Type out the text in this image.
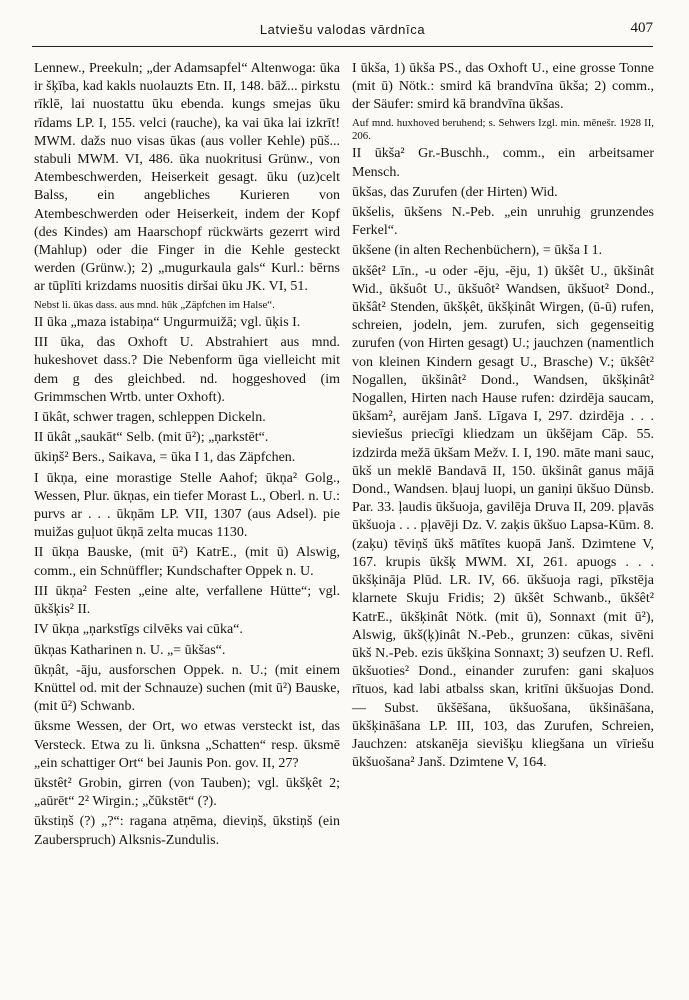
Latviešu valodas vārdnīca	407

Lennew., Preekuln; „der Adamsapfel“ Altenwoga: ūka ir šķība, kad kakls nuolauzts Etn. II, 148. bāž... pirkstu rīklē, lai nuostattu ūku ebenda. kungs smejas ūku rīdams LP. I, 155. velci (rauche), ka vai ūka lai izkrīt! MWM. dažs nuo visas ūkas (aus voller Kehle) pūš... stabuli MWM. VI, 486. ūka nuokritusi Grünw., von Atembeschwerden, Heiserkeit gesagt. ūku (uz)celt Balss, ein angebliches Kurieren von Atembeschwerden oder Heiserkeit, indem der Kopf (des Kindes) am Haarschopf rückwärts gezerrt wird (Mahlup) oder die Finger in die Kehle gesteckt werden (Grünw.); 2) „mugurkaula gals“ Kurl.: bērns ar tūplīti krizdams nuositis diršai ūku JK. VI, 51.

Nebst li. ūkas dass. aus mnd. hūk „Zäpfchen im Halse“.

II ūka „maza istabiņa“ Ungurmuižā; vgl. ūķis I.

III ūka, das Oxhoft U. Abstrahiert aus mnd. hukeshovet dass.? Die Nebenform ūga vielleicht mit dem g des gleichbed. nd. hoggeshoved (im Grimmschen Wrtb. unter Oxhoft).

I ūkât, schwer tragen, schleppen Dickeln.

II ūkât „saukāt“ Selb. (mit ū²); „ņarkstēt“.

ūkiņš² Bers., Saikava, = ūka I 1, das Zäpfchen.

I ūkņa, eine morastige Stelle Aahof; ūkņa² Golg., Wessen, Plur. ūkņas, ein tiefer Morast L., Oberl. n. U.: purvs ar . . . ūkņām LP. VII, 1307 (aus Adsel). pie muižas guļuot ūkņā zelta mucas 1130.

II ūkņa Bauske, (mit ū²) KatrE., (mit ū) Alswig, comm., ein Schnüffler; Kundschafter Oppek n. U.

III ūkņa² Festen „eine alte, verfallene Hütte“; vgl. ūkšķis² II.

IV ūkņa „ņarkstīgs cilvēks vai cūka“.

ūkņas Katharinen n. U. „= ūkšas“.

ūkņât, -āju, ausforschen Oppek. n. U.; (mit einem Knüttel od. mit der Schnauze) suchen (mit ū²) Bauske, (mit ū²) Schwanb.

ūksme Wessen, der Ort, wo etwas versteckt ist, das Versteck. Etwa zu li. ūnksna „Schatten“ resp. ūksmē „ein schattiger Ort“ bei Jaunis Pon. gov. II, 27?

ūkstêt² Grobin, girren (von Tauben); vgl. ūkšķêt 2; „aūrēt“ 2² Wirgin.; „čūkstēt“ (?).

ūkstiņš (?) „?“: ragana atņēma, dieviņš, ūkstiņš (ein Zauberspruch) Alksnis-Zundulis.

I ūkša, 1) ūkša PS., das Oxhoft U., eine grosse Tonne (mit ū) Nötk.: smird kā brandvīna ūkša; 2) comm., der Säufer: smird kā brandvīna ūkšas.

Auf mnd. huxhoved beruhend; s. Sehwers Izgl. min. mēnešr. 1928 II, 206.

II ūkša² Gr.-Buschh., comm., ein arbeitsamer Mensch.

ūkšas, das Zurufen (der Hirten) Wid.

ūkšelis, ūkšens N.-Peb. „ein unruhig grunzendes Ferkel“.

ūkšene (in alten Rechenbüchern), = ūkša I 1.

ūkšêt² Līn., -u oder -ēju, -ēju, 1) ūkšêt U., ūkšinât Wid., ūkšuôt U., ūkšuôt² Wandsen, ūkšuot² Dond., ūkšât² Stenden, ūkšķêt, ūkšķinât Wirgen, (ū-ū) rufen, schreien, jodeln, jem. zurufen, sich gegenseitig zurufen (von Hirten gesagt) U.; jauchzen (namentlich von kleinen Kindern gesagt U., Brasche) V.; ūkšêt² Nogallen, ūkšinât² Dond., Wandsen, ūkšķinât² Nogallen, Hirten nach Hause rufen: dzirdēja saucam, ūkšam², aurējam Janš. Līgava I, 297. dzirdēja . . . sieviešus priecīgi kliedzam un ūkšējam Cāp. 55. izdzirda mežā ūkšam Mežv. I. I, 190. māte mani sauc, ūkš un meklē Bandavā II, 150. ūkšinât ganus mājā Dond., Wandsen. bļauj luopi, un ganiņi ūkšuo Dünsb. Par. 33. ļaudis ūkšuoja, gavilēja Druva II, 209. pļavās ūkšuoja . . . pļavēji Dz. V. zaķis ūkšuo Lapsa-Kūm. 8. (zaķu) tēviņš ūkš mātītes kuopā Janš. Dzimtene V, 167. krupis ūkšķ MWM. XI, 261. apuogs . . . ūkšķināja Plūd. LR. IV, 66. ūkšuoja ragi, pīkstēja klarnete Skuju Fridis; 2) ūkšêt Schwanb., ūkšêt² KatrE., ūkšķinât Nötk. (mit ū), Sonnaxt (mit ū²), Alswig, ūkš(ķ)inât N.-Peb., grunzen: cūkas, sivēni ūkš N.-Peb. ezis ūkšķina Sonnaxt; 3) seufzen U. Refl. ūkšuoties² Dond., einander zurufen: gani skaļuos rītuos, kad labi atbalss skan, kritīni ūkšuojas Dond. — Subst. ūkšēšana, ūkšuošana, ūkšināšana, ūkšķināšana LP. III, 103, das Zurufen, Schreien, Jauchzen: atskanēja sievišķu kliegšana un vīriešu ūkšuošana² Janš. Dzimtene V, 164.
